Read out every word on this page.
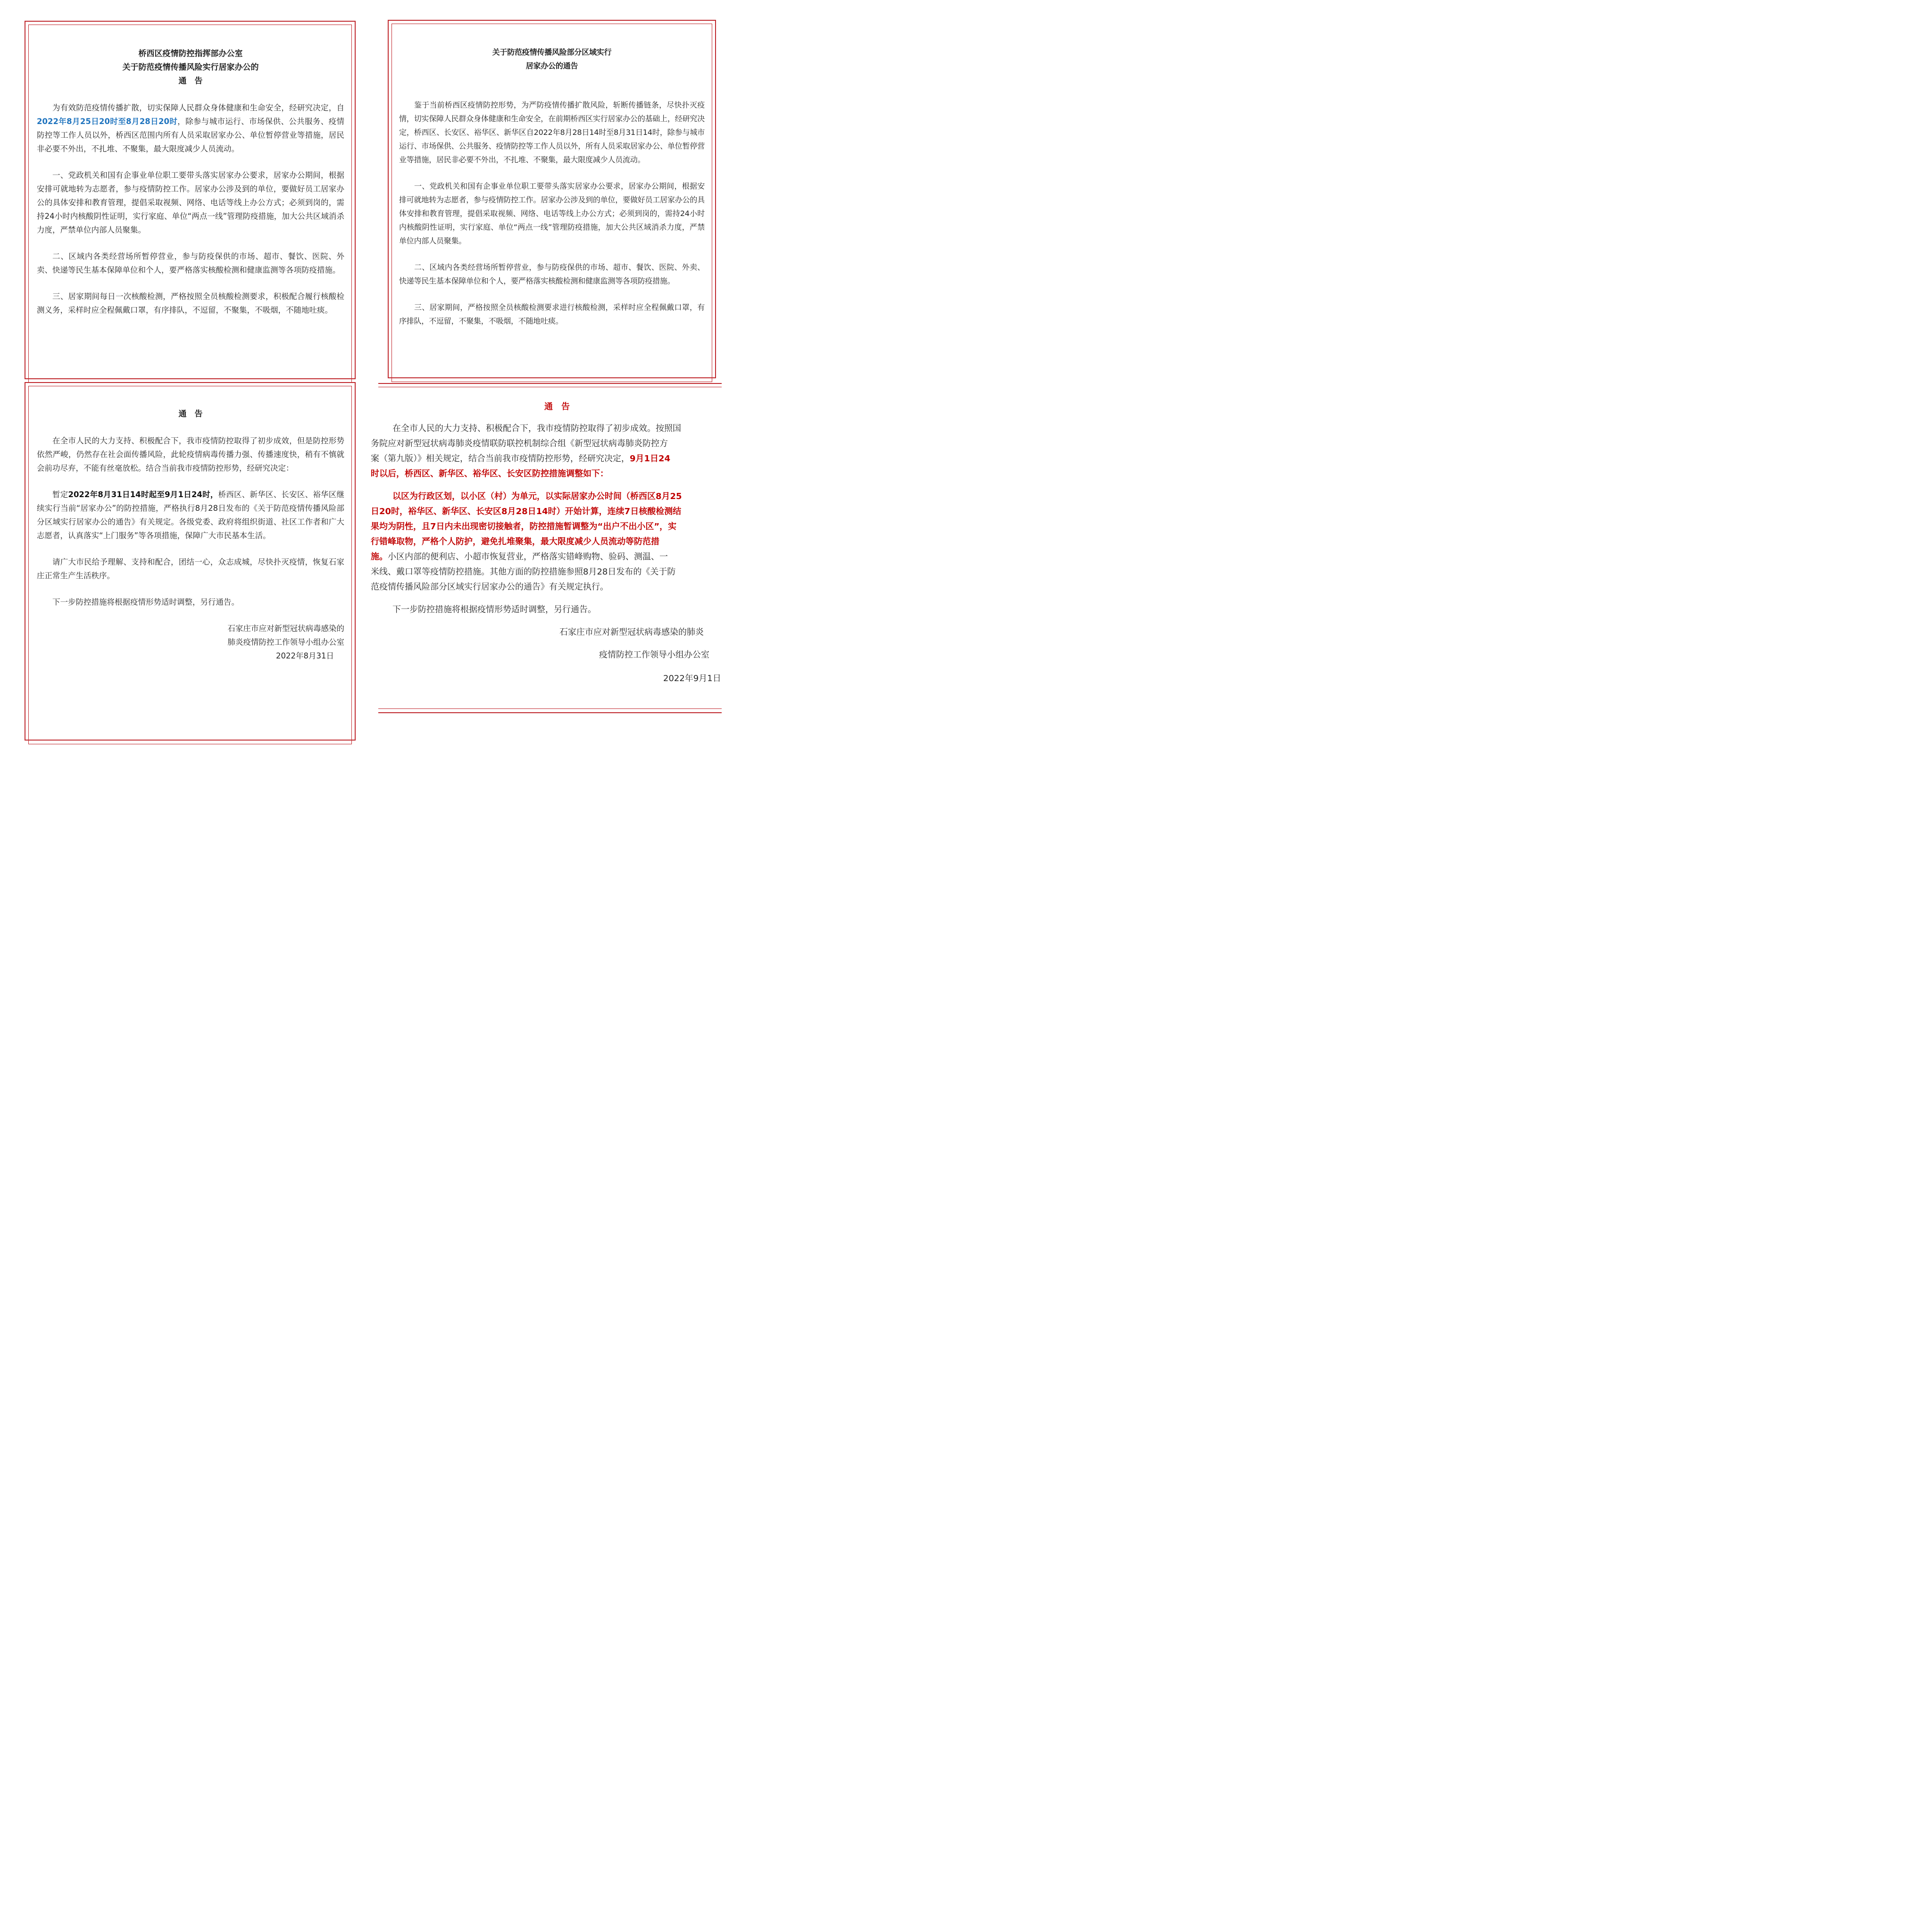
桥西区疫情防控指挥部办公室
关于防范疫情传播风险实行居家办公的
通　告

为有效防范疫情传播扩散，切实保障人民群众身体健康和生命安全，经研究决定，自2022年8月25日20时至8月28日20时，除参与城市运行、市场保供、公共服务、疫情防控等工作人员以外，桥西区范围内所有人员采取居家办公、单位暂停营业等措施，居民非必要不外出，不扎堆、不聚集，最大限度减少人员流动。

一、党政机关和国有企事业单位职工要带头落实居家办公要求，居家办公期间，根据安排可就地转为志愿者，参与疫情防控工作。居家办公涉及到的单位，要做好员工居家办公的具体安排和教育管理，提倡采取视频、网络、电话等线上办公方式；必须到岗的，需持24小时内核酸阴性证明，实行家庭、单位“两点一线”管理防疫措施，加大公共区域消杀力度，严禁单位内部人员聚集。

二、区域内各类经营场所暂停营业，参与防疫保供的市场、超市、餐饮、医院、外卖、快递等民生基本保障单位和个人，要严格落实核酸检测和健康监测等各项防疫措施。

三、居家期间每日一次核酸检测，严格按照全员核酸检测要求，积极配合履行核酸检测义务，采样时应全程佩戴口罩，有序排队，不逗留，不聚集，不吸烟，不随地吐痰。

关于防范疫情传播风险部分区域实行
居家办公的通告

鉴于当前桥西区疫情防控形势，为严防疫情传播扩散风险，斩断传播链条，尽快扑灭疫情，切实保障人民群众身体健康和生命安全，在前期桥西区实行居家办公的基础上，经研究决定，桥西区、长安区、裕华区、新华区自2022年8月28日14时至8月31日14时，除参与城市运行、市场保供、公共服务、疫情防控等工作人员以外，所有人员采取居家办公、单位暂停营业等措施，居民非必要不外出，不扎堆、不聚集，最大限度减少人员流动。

一、党政机关和国有企事业单位职工要带头落实居家办公要求，居家办公期间，根据安排可就地转为志愿者，参与疫情防控工作。居家办公涉及到的单位，要做好员工居家办公的具体安排和教育管理，提倡采取视频、网络、电话等线上办公方式；必须到岗的，需持24小时内核酸阴性证明，实行家庭、单位“两点一线”管理防疫措施，加大公共区域消杀力度，严禁单位内部人员聚集。

二、区域内各类经营场所暂停营业，参与防疫保供的市场、超市、餐饮、医院、外卖、快递等民生基本保障单位和个人，要严格落实核酸检测和健康监测等各项防疫措施。

三、居家期间，严格按照全员核酸检测要求进行核酸检测，采样时应全程佩戴口罩，有序排队，不逗留，不聚集，不吸烟，不随地吐痰。

通　告

在全市人民的大力支持、积极配合下，我市疫情防控取得了初步成效，但是防控形势依然严峻，仍然存在社会面传播风险，此轮疫情病毒传播力强、传播速度快，稍有不慎就会前功尽弃，不能有丝毫放松。结合当前我市疫情防控形势，经研究决定：

暂定2022年8月31日14时起至9月1日24时，桥西区、新华区、长安区、裕华区继续实行当前“居家办公”的防控措施，严格执行8月28日发布的《关于防范疫情传播风险部分区域实行居家办公的通告》有关规定。各级党委、政府将组织街道、社区工作者和广大志愿者，认真落实“上门服务”等各项措施，保障广大市民基本生活。

请广大市民给予理解、支持和配合，团结一心，众志成城，尽快扑灭疫情，恢复石家庄正常生产生活秩序。

下一步防控措施将根据疫情形势适时调整，另行通告。

石家庄市应对新型冠状病毒感染的
肺炎疫情防控工作领导小组办公室
2022年8月31日
通　告

在全市人民的大力支持、积极配合下，我市疫情防控取得了初步成效。按照国

务院应对新型冠状病毒肺炎疫情联防联控机制综合组《新型冠状病毒肺炎防控方

案（第九版）》相关规定，结合当前我市疫情防控形势，经研究决定，9月1日24

时以后，桥西区、新华区、裕华区、长安区防控措施调整如下：

以区为行政区划，以小区（村）为单元，以实际居家办公时间（桥西区8月25

日20时，裕华区、新华区、长安区8月28日14时）开始计算，连续7日核酸检测结

果均为阴性，且7日内未出现密切接触者，防控措施暂调整为“出户不出小区”，实

行错峰取物，严格个人防护，避免扎堆聚集，最大限度减少人员流动等防范措

施。小区内部的便利店、小超市恢复营业，严格落实错峰购物、验码、测温、一

米线、戴口罩等疫情防控措施。其他方面的防控措施参照8月28日发布的《关于防

范疫情传播风险部分区域实行居家办公的通告》有关规定执行。

下一步防控措施将根据疫情形势适时调整，另行通告。

石家庄市应对新型冠状病毒感染的肺炎
疫情防控工作领导小组办公室
2022年9月1日
